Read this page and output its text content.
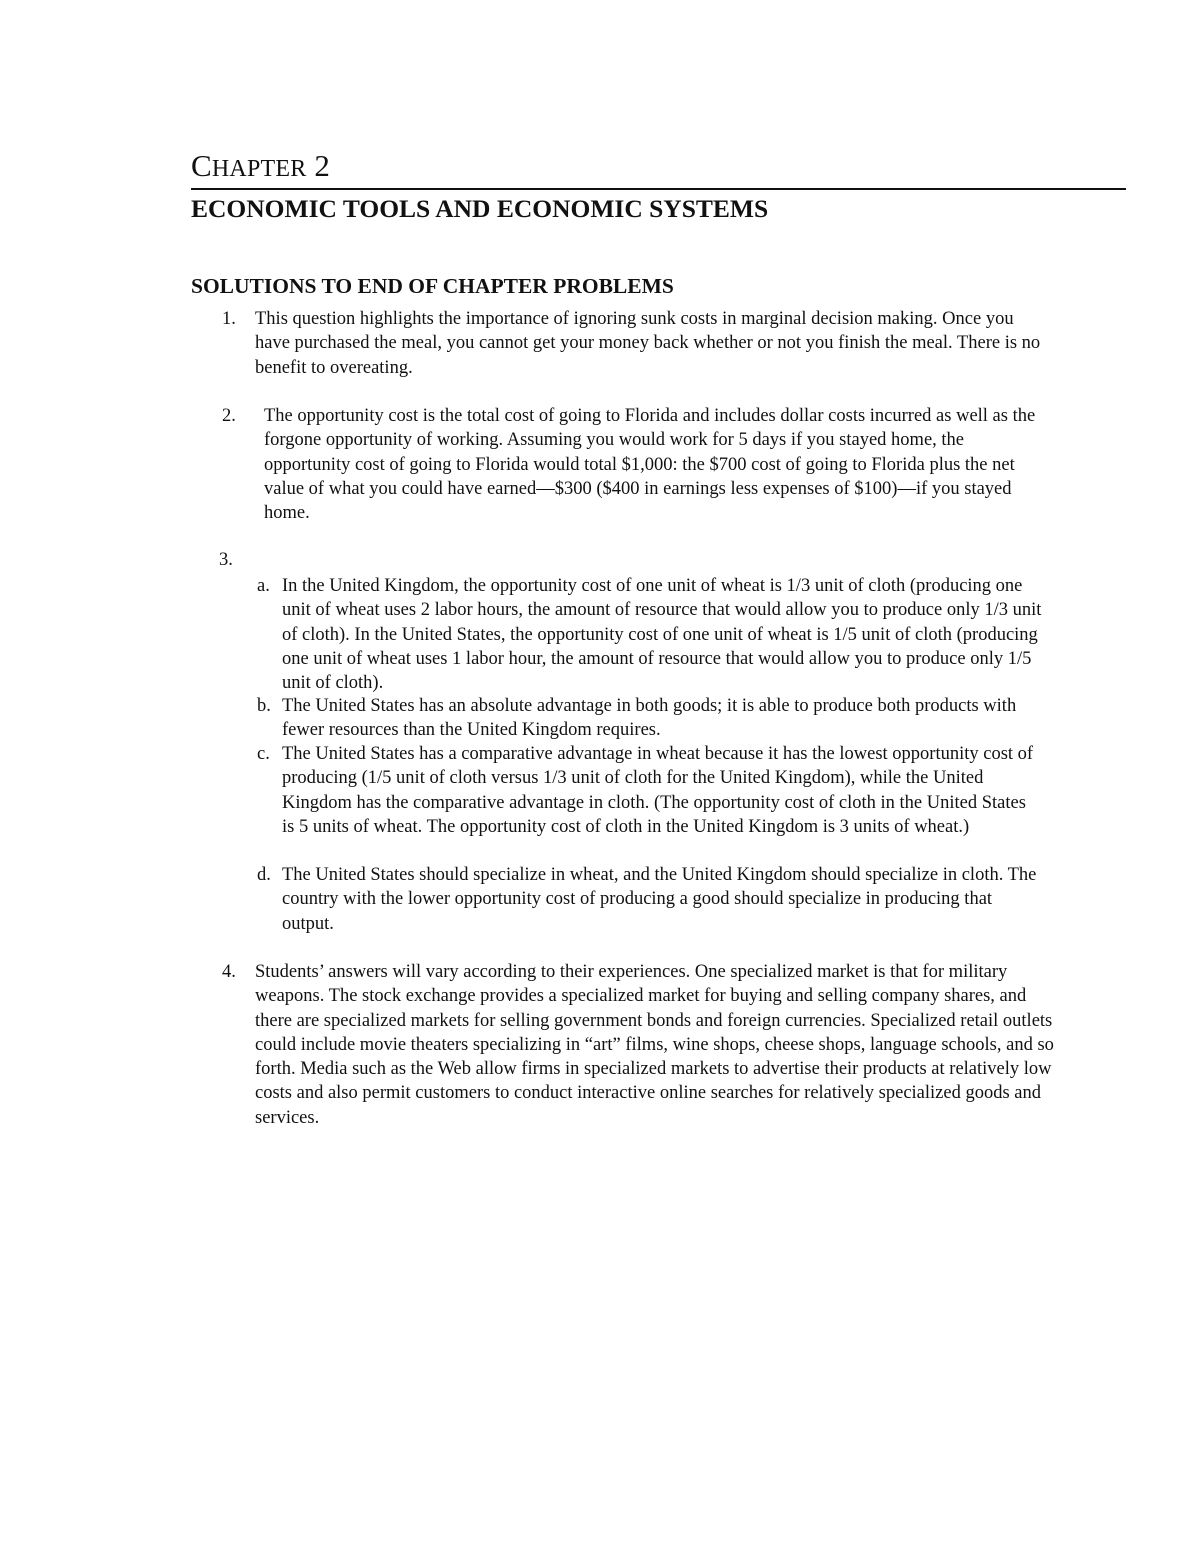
CHAPTER 2
ECONOMIC TOOLS AND ECONOMIC SYSTEMS
SOLUTIONS TO END OF CHAPTER PROBLEMS
1. This question highlights the importance of ignoring sunk costs in marginal decision making. Once you have purchased the meal, you cannot get your money back whether or not you finish the meal. There is no benefit to overeating.

2. The opportunity cost is the total cost of going to Florida and includes dollar costs incurred as well as the forgone opportunity of working. Assuming you would work for 5 days if you stayed home, the opportunity cost of going to Florida would total $1,000: the $700 cost of going to Florida plus the net value of what you could have earned—$300 ($400 in earnings less expenses of $100)—if you stayed home.

3.
a. In the United Kingdom, the opportunity cost of one unit of wheat is 1/3 unit of cloth (producing one unit of wheat uses 2 labor hours, the amount of resource that would allow you to produce only 1/3 unit of cloth). In the United States, the opportunity cost of one unit of wheat is 1/5 unit of cloth (producing one unit of wheat uses 1 labor hour, the amount of resource that would allow you to produce only 1/5 unit of cloth).

b. The United States has an absolute advantage in both goods; it is able to produce both products with fewer resources than the United Kingdom requires.

c. The United States has a comparative advantage in wheat because it has the lowest opportunity cost of producing (1/5 unit of cloth versus 1/3 unit of cloth for the United Kingdom), while the United Kingdom has the comparative advantage in cloth. (The opportunity cost of cloth in the United States is 5 units of wheat. The opportunity cost of cloth in the United Kingdom is 3 units of wheat.)

d. The United States should specialize in wheat, and the United Kingdom should specialize in cloth. The country with the lower opportunity cost of producing a good should specialize in producing that output.

4. Students’ answers will vary according to their experiences. One specialized market is that for military weapons. The stock exchange provides a specialized market for buying and selling company shares, and there are specialized markets for selling government bonds and foreign currencies. Specialized retail outlets could include movie theaters specializing in “art” films, wine shops, cheese shops, language schools, and so forth. Media such as the Web allow firms in specialized markets to advertise their products at relatively low costs and also permit customers to conduct interactive online searches for relatively specialized goods and services.
